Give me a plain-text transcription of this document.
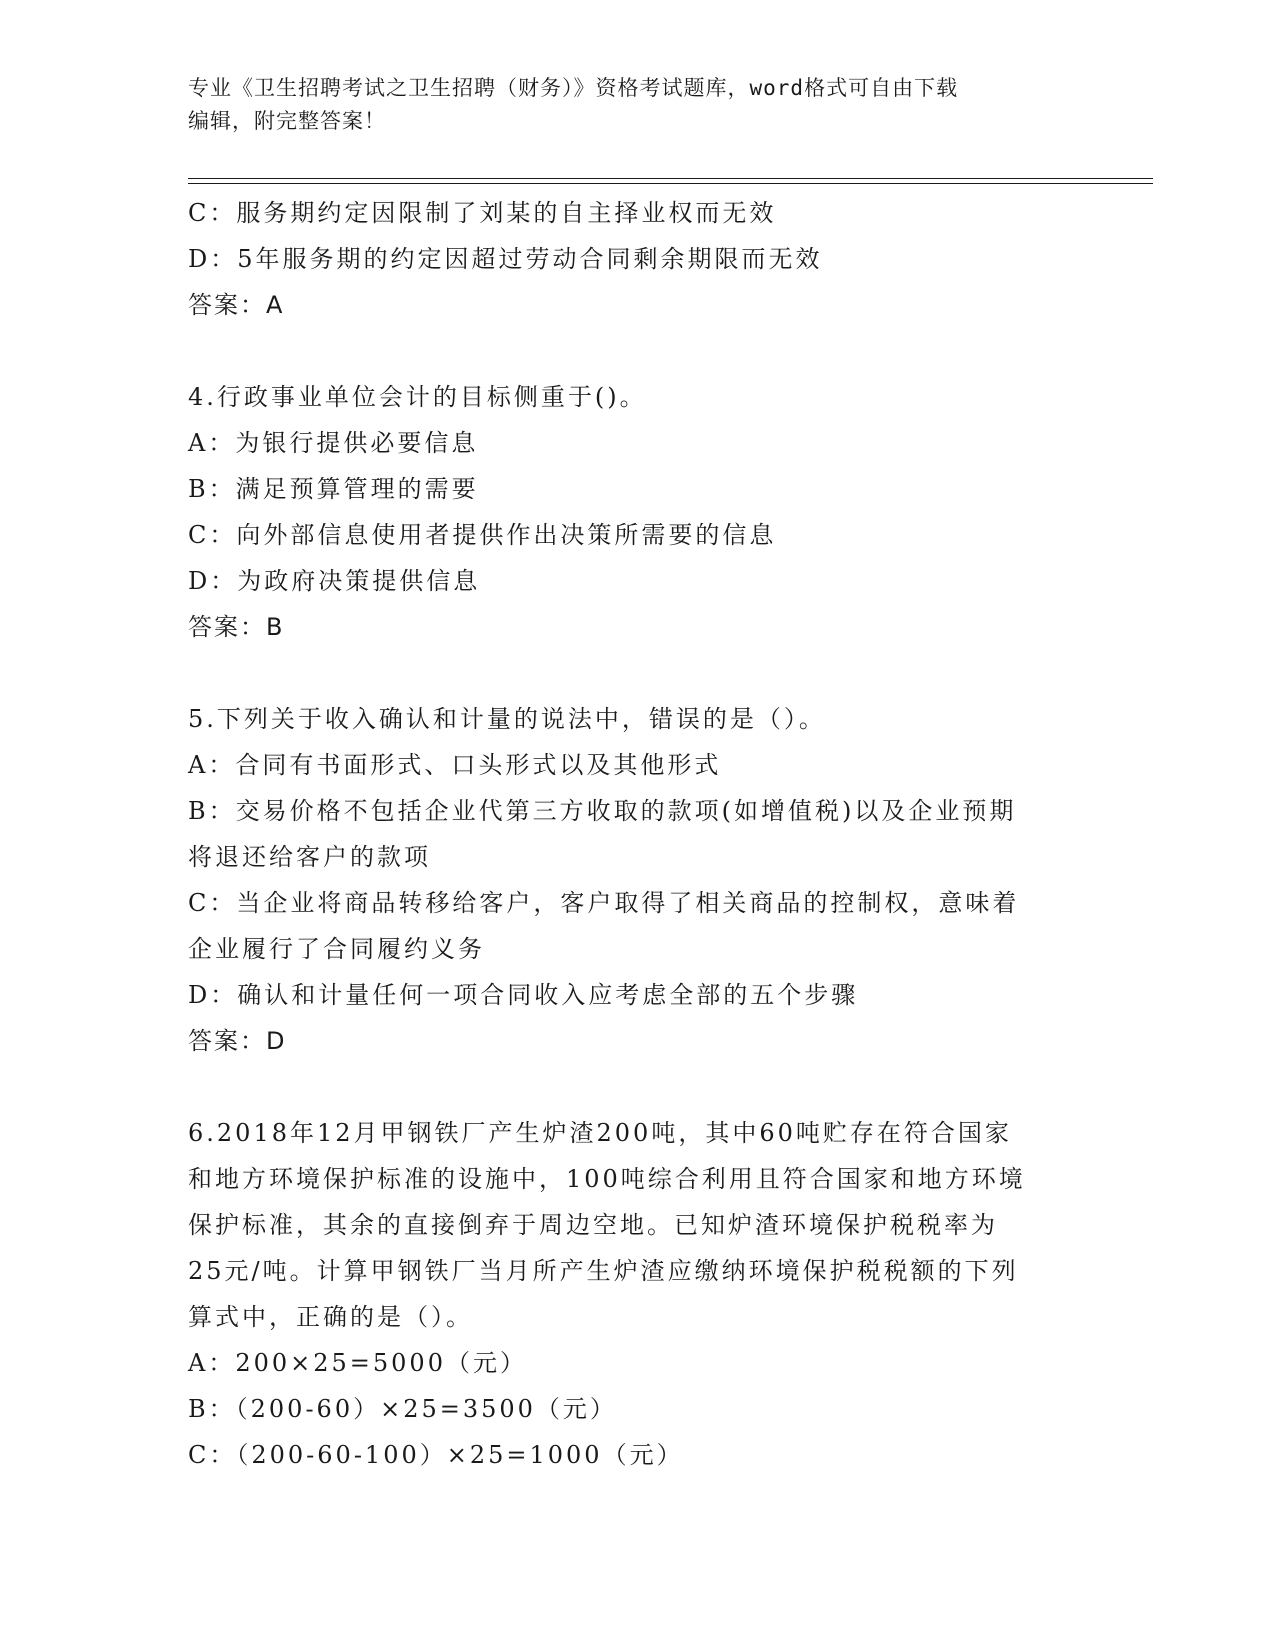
专业《卫生招聘考试之卫生招聘（财务）》资格考试题库，word格式可自由下载
编辑，附完整答案！
C：服务期约定因限制了刘某的自主择业权而无效
D：5年服务期的约定因超过劳动合同剩余期限而无效
答案：A
4.行政事业单位会计的目标侧重于()。
A：为银行提供必要信息
B：满足预算管理的需要
C：向外部信息使用者提供作出决策所需要的信息
D：为政府决策提供信息
答案：B
5.下列关于收入确认和计量的说法中，错误的是（）。
A：合同有书面形式、口头形式以及其他形式
B：交易价格不包括企业代第三方收取的款项(如增值税)以及企业预期
将退还给客户的款项
C：当企业将商品转移给客户，客户取得了相关商品的控制权，意味着
企业履行了合同履约义务
D：确认和计量任何一项合同收入应考虑全部的五个步骤
答案：D
6.2018年12月甲钢铁厂产生炉渣200吨，其中60吨贮存在符合国家
和地方环境保护标准的设施中，100吨综合利用且符合国家和地方环境
保护标准，其余的直接倒弃于周边空地。已知炉渣环境保护税税率为
25元/吨。计算甲钢铁厂当月所产生炉渣应缴纳环境保护税税额的下列
算式中，正确的是（）。
A：200×25=5000（元）
B：（200-60）×25=3500（元）
C：（200-60-100）×25=1000（元）
